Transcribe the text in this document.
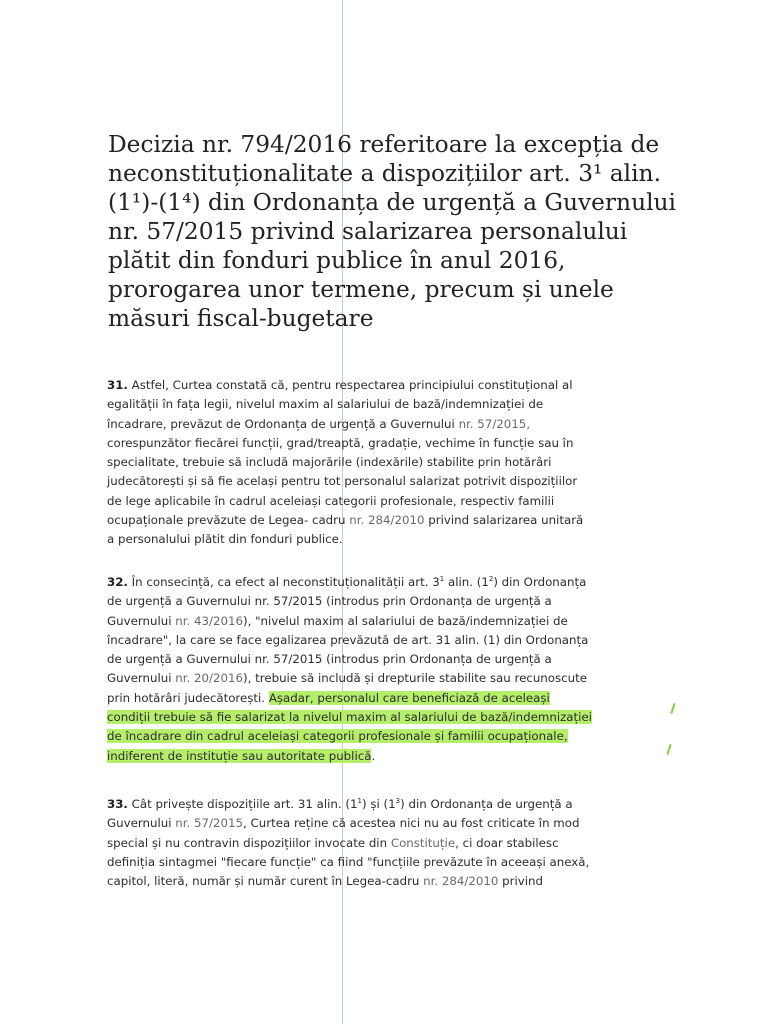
Decizia nr. 794/2016 referitoare la excepția de
neconstituționalitate a dispozițiilor art. 3¹ alin.
(1¹)-(1⁴) din Ordonanța de urgență a Guvernului
nr. 57/2015 privind salarizarea personalului
plătit din fonduri publice în anul 2016,
prorogarea unor termene, precum și unele
măsuri fiscal-bugetare
31. Astfel, Curtea constată că, pentru respectarea principiului constituțional al
egalității în fața legii, nivelul maxim al salariului de bază/indemnizației de
încadrare, prevăzut de Ordonanța de urgență a Guvernului nr. 57/2015,
corespunzător fiecărei funcții, grad/treaptă, gradație, vechime în funcție sau în
specialitate, trebuie să includă majorările (indexările) stabilite prin hotărâri
judecătorești și să fie același pentru tot personalul salarizat potrivit dispozițiilor
de lege aplicabile în cadrul aceleiași categorii profesionale, respectiv familii
ocupaționale prevăzute de Legea- cadru nr. 284/2010 privind salarizarea unitară
a personalului plătit din fonduri publice.
32. În consecință, ca efect al neconstituționalității art. $3^1$ alin. $(1^2)$ din Ordonanța
de urgență a Guvernului nr. 57/2015 (introdus prin Ordonanța de urgență a
Guvernului nr. 43/2016), "nivelul maxim al salariului de bază/indemnizației de
încadrare", la care se face egalizarea prevăzută de art. 31 alin. (1) din Ordonanța
de urgență a Guvernului nr. 57/2015 (introdus prin Ordonanța de urgență a
Guvernului nr. 20/2016), trebuie să includă și drepturile stabilite sau recunoscute
prin hotărâri judecătorești. Așadar, personalul care beneficiază de aceleași
condiții trebuie să fie salarizat la nivelul maxim al salariului de bază/indemnizației
de încadrare din cadrul aceleiași categorii profesionale și familii ocupaționale,
indiferent de instituție sau autoritate publică.
33. Cât privește dispozițiile art. 31 alin. $(1^1)$ și $(1^3)$ din Ordonanța de urgență a
Guvernului nr. 57/2015, Curtea reține că acestea nici nu au fost criticate în mod
special și nu contravin dispozițiilor invocate din Constituție, ci doar stabilesc
definiția sintagmei "fiecare funcție" ca fiind "funcțiile prevăzute în aceeași anexă,
capitol, literă, număr și număr curent în Legea-cadru nr. 284/2010 privind
